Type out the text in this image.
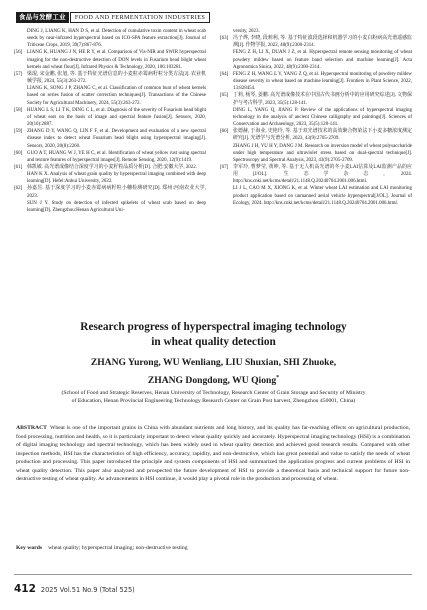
食品与发酵工业	FOOD AND FERMENTATION INDUSTRIES
DING J, LIANG K, HAN D S, et al. Detection of cumulative toxin content in wheat scab seeds by near-infrared hyperspectral based on ICO-SPA feature extraction[J]. Journal of Triticeae Crops, 2019, 39(7):867-876.
[56] LIANG K, HUANG J N, HE R Y, et al. Comparison of Vis-NIR and SWIR hyperspectral imaging for the non-destructive detection of DON levels in Fusarium head blight wheat kernels and wheat flour[J]. Infrared Physics & Technology, 2020, 106:103281.
[57] 梁琨, 宋金鹏, 张旭, 等. 基于特征光谱信息的小麦粒赤霉病籽粒分类方法[J]. 农业机械学报, 2024, 55(3):263-272.
LIANG K, SONG J P, ZHANG C, et al. Classification of common bunt of wheat kernels based on series fusion of scatter correction techniques[J]. Transactions of the Chinese Society for Agricultural Machinery, 2024, 55(3):263-272.
[58] HUANG L S, LI T K, DING C L, et al. Diagnosis of the severity of Fusarium head blight of wheat ears on the basis of image and spectral feature fusion[J]. Sensors, 2020, 20(10):2887.
[59] ZHANG D Y, WANG Q, LIN F F, et al. Development and evaluation of a new spectral disease index to detect wheat Fusarium head blight using hyperspectral imaging[J]. Sensors, 2020, 20(8):2260.
[60] GUO A T, HUANG W J, YE H C, et al. Identification of wheat yellow rust using spectral and texture features of hyperspectral images[J]. Remote Sensing, 2020, 12(9):1419.
[61] 韩凯敏. 高光谱成像结合深度学习的小麦籽粒品质分析[D]. 合肥:安徽大学, 2022.
HAN K X. Analysis of wheat grain quality by hyperspectral imaging combined with deep learning[D]. Hefei:Anhui University, 2022.
[62] 孙嘉昱. 基于深度学习的小麦赤霉病病籽粒小穗检测研究[D]. 郑州:河南农业大学, 2023.
SUN J Y. Study on detection of infected spikelets of wheat scab based on deep learning[D]. Zhengzhou:Henan Agricultural Uni-
versity, 2023.
[63] 冯子烨, 李晓, 段莉利, 等. 基于特征波段选择和机器学习的小麦白粉病高光谱遥感监测[J]. 作物学报, 2022, 48(9):2300-2314.
FENG Z H, LI X, DUAN J Z, et al. Hyperspectral remote sensing monitoring of wheat powdery mildew based on feature band selection and machine learning[J]. Acta Agronomica Sinica, 2022, 48(9):2300-2314.
[64] FENG Z H, WANG L Y, YANG Z Q, et al. Hyperspectral monitoring of powdery mildew disease severity in wheat based on machine learning[J]. Frontiers in Plant Science, 2022, 13:828454.
[65] 丁莉, 杨琴, 姜鹏. 高光谱成像技术在中国古代书画分析中的应用研究综述[J]. 文物保护与考古科学, 2023, 35(5):128-141.
DING L, YANG Q, JIANG P. Review of the applications of hyperspectral imaging technology in the analysis of ancient Chinese calligraphy and paintings[J]. Sciences of Conservation and Archaeology, 2023, 35(5):128-141.
[66] 张德赫, 于海业, 史艳玲, 等. 基于双光谱技术的高效聚合物染法下小麦多糖浓度测定研究[J]. 光谱学与光谱分析, 2023, 43(9):2705-2709.
ZHANG J H, YU H Y, DANG J M. Research on inversion model of wheat polysaccharide under high temperature and ultraviolet stress based on dual-spectral technique[J]. Spectroscopy and Spectral Analysis, 2023, 43(9):2705-2709.
[67] 李军玲, 曹梦莹, 黄坤, 等. 基于无人机高光谱的冬小麦LAI估算及LAI监测产品的应用[J/OL]. 生态学杂志, 2024. http://kns.cnki.net/kcms/detail/21.1148.Q.20240704.2001.006.html.
LI J L, CAO M X, XIONG K, et al. Winter wheat LAI estimation and LAI monitoring product application based on unmanned aerial vehicle hyperspectral[J/OL]. Journal of Ecology, 2024. http://kns.cnki.net/kcms/detail/21.1148.Q.20240704.2001.006.html.
Research progress of hyperspectral imaging technology
in wheat quality detection
ZHANG Yurong, WU Wenliang, LIU Shuxian, SHI Zhuoke,
ZHANG Dongdong, WU Qiong*
(School of Food and Strategic Reserves, Henan University of Technology, Research Center of Grain Storage and Security of Ministry of Education, Henan Provincial Engineering Technology Research Center on Grain Post harvest, Zhengzhou 450001, China)
ABSTRACT Wheat is one of the important grains in China with abundant nutrients and long history, and its quality has far-reaching effects on agricultural production, food processing, nutrition and health, so it is particularly important to detect wheat quality quickly and accurately. Hyperspectral imaging technology (HSI) is a combination of digital imaging technology and spectral technology, which has been widely used in wheat quality detection and achieved good research results. Compared with other inspection methods, HSI has the characteristics of high efficiency, accuracy, rapidity, and non-destructive, which has great potential and value to satisfy the needs of wheat production and processing. This paper introduced the principle and system components of HSI and summarized the application progress and current problems of HSI in wheat quality detection. This paper also analyzed and prospected the future development of HSI to provide a theoretical basis and technical support for future non-destructive testing of wheat quality. As advancements in HSI continue, it would play a pivotal role in the production and processing of wheat.
Key words wheat quality; hyperspectral imaging; non-destructive testing
412 2025 Vol.51 No.9 (Total 525)
